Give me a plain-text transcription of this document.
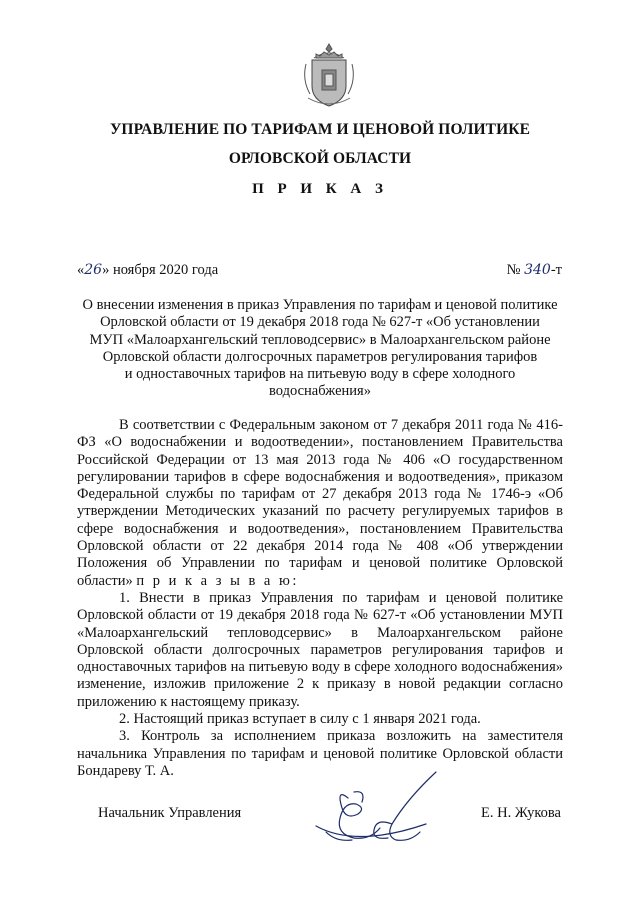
УПРАВЛЕНИЕ ПО ТАРИФАМ И ЦЕНОВОЙ ПОЛИТИКЕ
ОРЛОВСКОЙ ОБЛАСТИ
П Р И К А З
«26» ноября 2020 года	№ 340-т
О внесении изменения в приказ Управления по тарифам и ценовой политике
Орловской области от 19 декабря 2018 года № 627-т «Об установлении
МУП «Малоархангельский тепловодсервис» в Малоархангельском районе
Орловской области долгосрочных параметров регулирования тарифов
и одноставочных тарифов на питьевую воду в сфере холодного
водоснабжения»

В соответствии с Федеральным законом от 7 декабря 2011 года № 416-ФЗ «О водоснабжении и водоотведении», постановлением Правительства Российской Федерации от 13 мая 2013 года № 406 «О государственном регулировании тарифов в сфере водоснабжения и водоотведения», приказом Федеральной службы по тарифам от 27 декабря 2013 года № 1746-э «Об утверждении Методических указаний по расчету регулируемых тарифов в сфере водоснабжения и водоотведения», постановлением Правительства Орловской области от 22 декабря 2014 года № 408 «Об утверждении Положения об Управлении по тарифам и ценовой политике Орловской области» п р и к а з ы в а ю:

1. Внести в приказ Управления по тарифам и ценовой политике Орловской области от 19 декабря 2018 года № 627-т «Об установлении МУП «Малоархангельский тепловодсервис» в Малоархангельском районе Орловской области долгосрочных параметров регулирования тарифов и одноставочных тарифов на питьевую воду в сфере холодного водоснабжения» изменение, изложив приложение 2 к приказу в новой редакции согласно приложению к настоящему приказу.

2. Настоящий приказ вступает в силу с 1 января 2021 года.

3. Контроль за исполнением приказа возложить на заместителя начальника Управления по тарифам и ценовой политике Орловской области Бондареву Т. А.

Начальник Управления	Е. Н. Жукова
